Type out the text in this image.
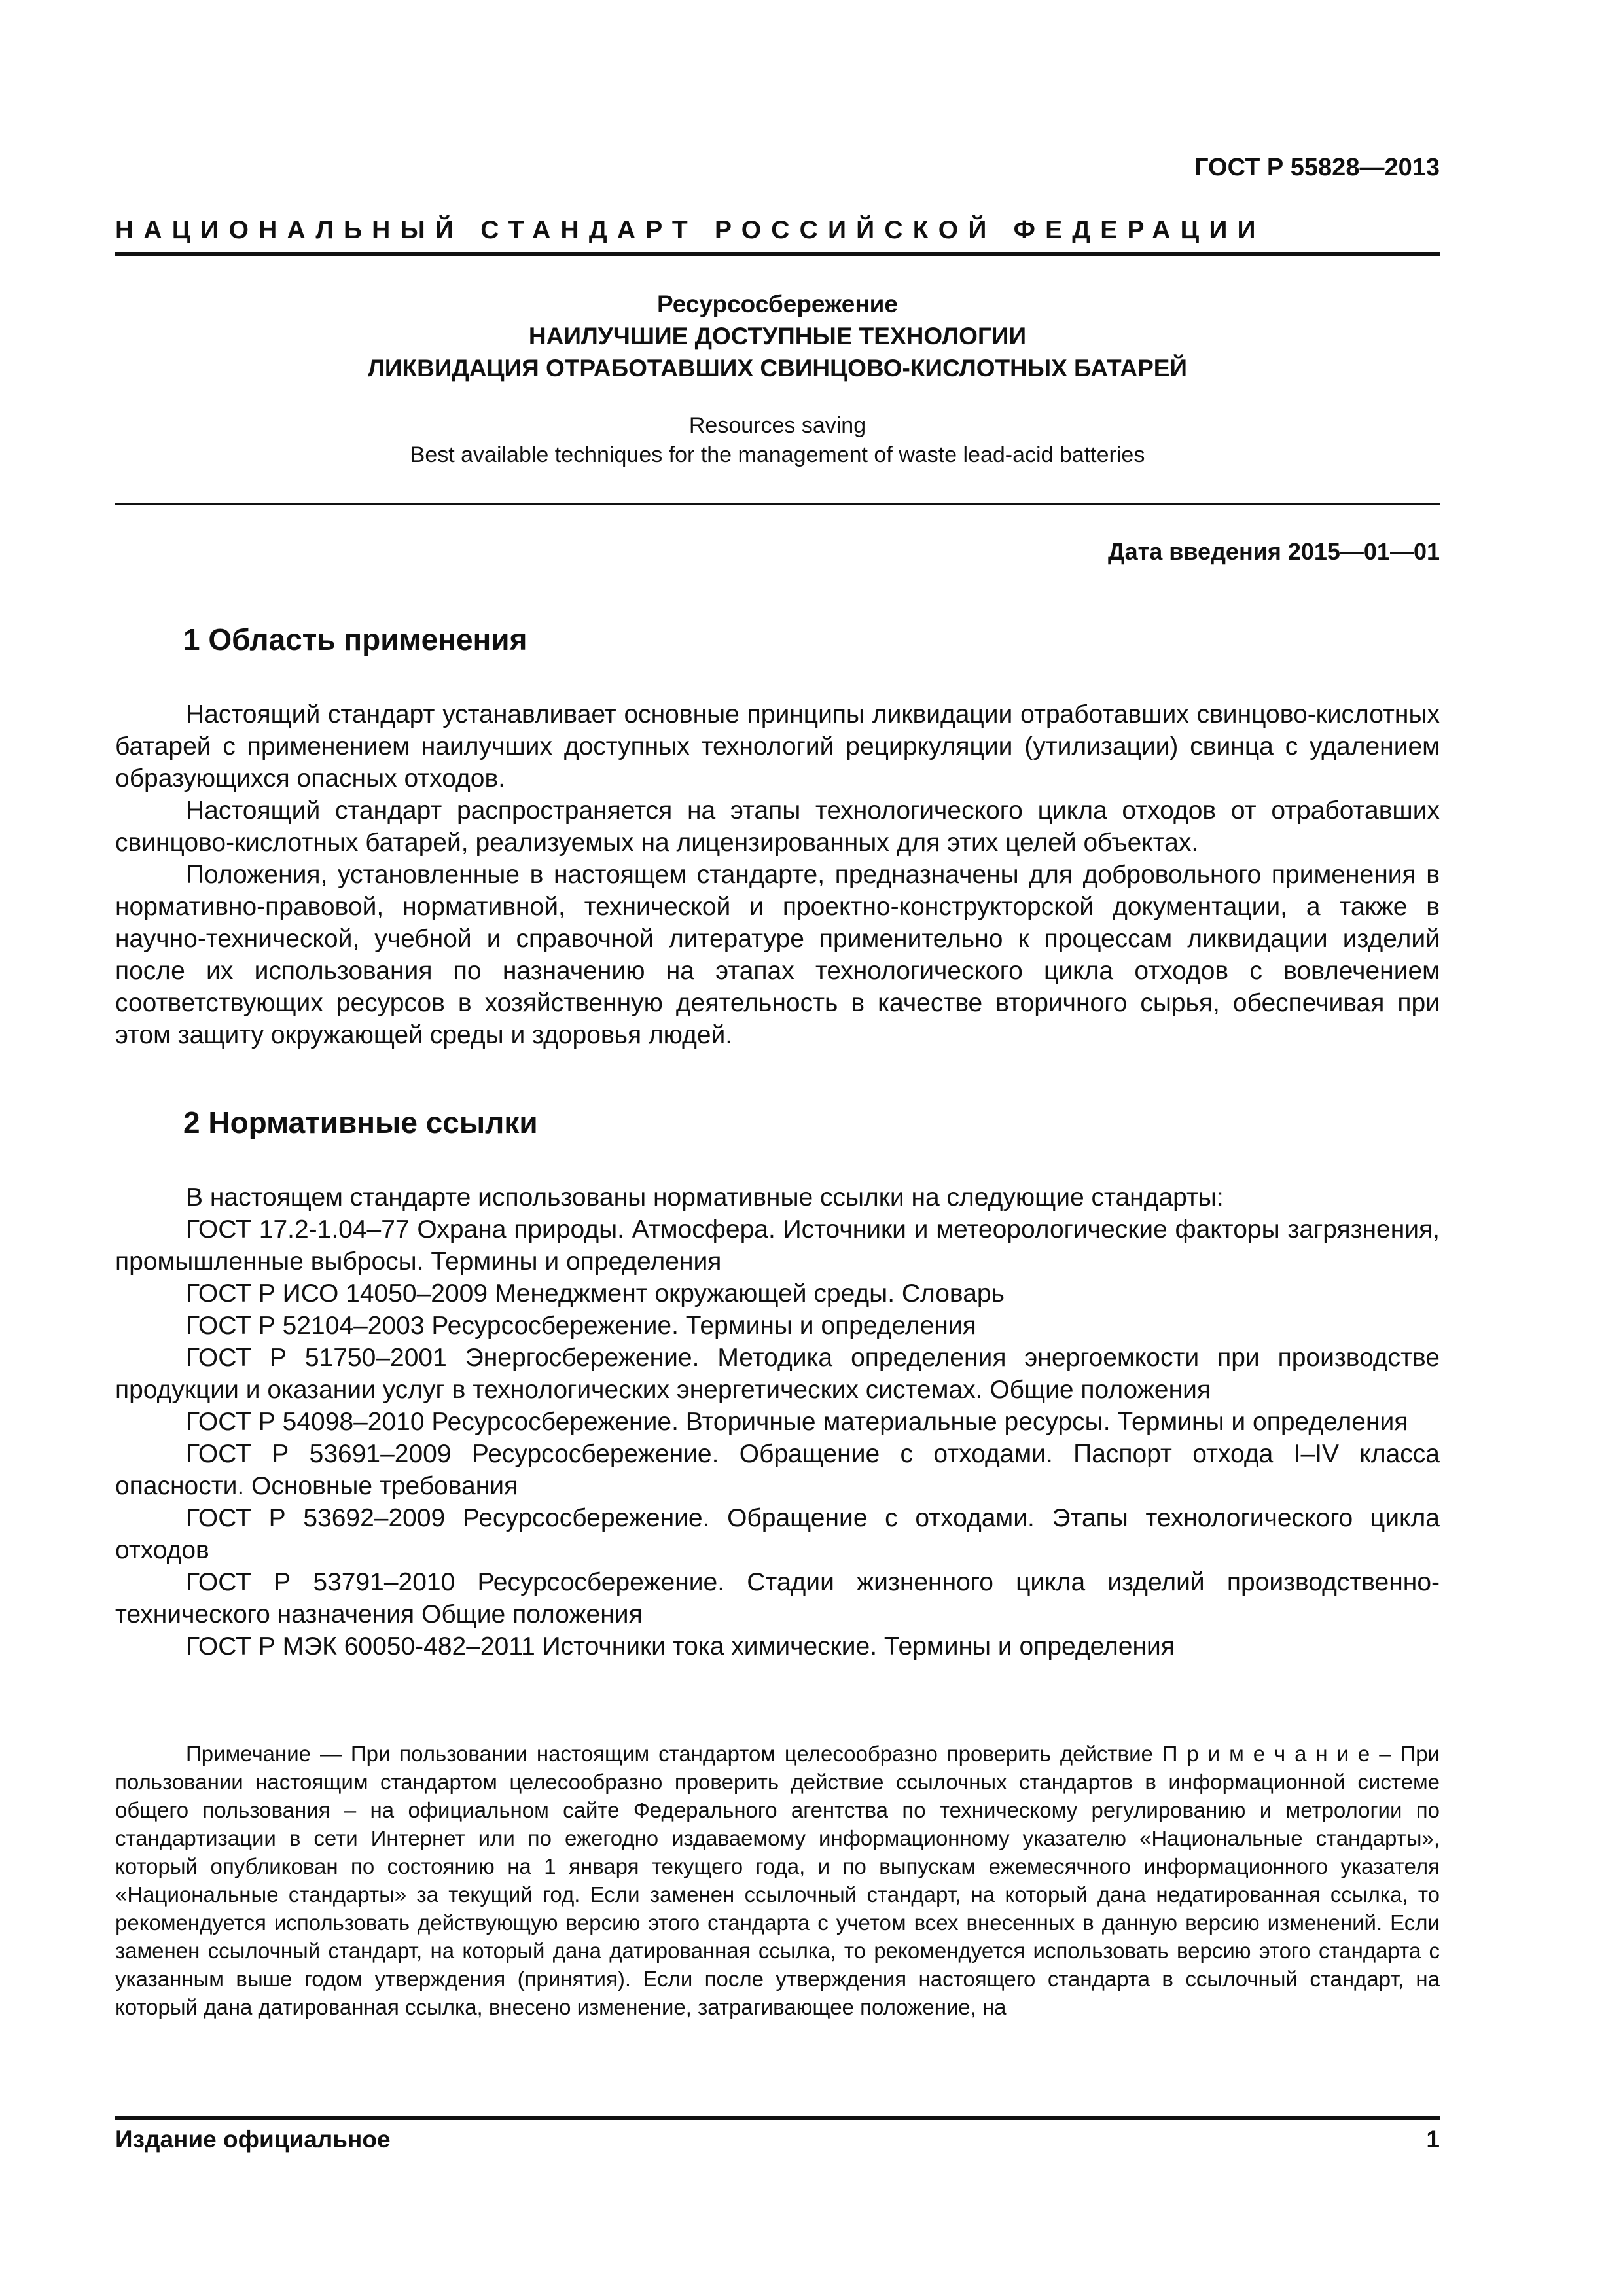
ГОСТ Р 55828—2013
НАЦИОНАЛЬНЫЙ СТАНДАРТ РОССИЙСКОЙ ФЕДЕРАЦИИ
Ресурсосбережение
НАИЛУЧШИЕ ДОСТУПНЫЕ ТЕХНОЛОГИИ
ЛИКВИДАЦИЯ ОТРАБОТАВШИХ СВИНЦОВО-КИСЛОТНЫХ БАТАРЕЙ
Resources saving
Best available techniques for the management of waste lead-acid batteries
Дата введения 2015—01—01
1 Область применения

Настоящий стандарт устанавливает основные принципы ликвидации отработавших свинцово-кислотных батарей с применением наилучших доступных технологий рециркуляции (утилизации) свинца с удалением образующихся опасных отходов.

Настоящий стандарт распространяется на этапы технологического цикла отходов от отработавших свинцово-кислотных батарей, реализуемых на лицензированных для этих целей объектах.

Положения, установленные в настоящем стандарте, предназначены для добровольного применения в нормативно-правовой, нормативной, технической и проектно-конструкторской документации, а также в научно-технической, учебной и справочной литературе применительно к процессам ликвидации изделий после их использования по назначению на этапах технологического цикла отходов с вовлечением соответствующих ресурсов в хозяйственную деятельность в качестве вторичного сырья, обеспечивая при этом защиту окружающей среды и здоровья людей.

2 Нормативные ссылки

В настоящем стандарте использованы нормативные ссылки на следующие стандарты:

ГОСТ 17.2-1.04–77 Охрана природы. Атмосфера. Источники и метеорологические факторы загрязнения, промышленные выбросы. Термины и определения

ГОСТ Р ИСО 14050–2009 Менеджмент окружающей среды. Словарь

ГОСТ Р 52104–2003 Ресурсосбережение. Термины и определения

ГОСТ Р 51750–2001 Энергосбережение. Методика определения энергоемкости при производстве продукции и оказании услуг в технологических энергетических системах. Общие положения

ГОСТ Р 54098–2010 Ресурсосбережение. Вторичные материальные ресурсы. Термины и определения

ГОСТ Р 53691–2009 Ресурсосбережение. Обращение с отходами. Паспорт отхода I–IV класса опасности. Основные требования

ГОСТ Р 53692–2009 Ресурсосбережение. Обращение с отходами. Этапы технологического цикла отходов

ГОСТ Р 53791–2010 Ресурсосбережение. Стадии жизненного цикла изделий производственно-технического назначения Общие положения

ГОСТ Р МЭК 60050-482–2011 Источники тока химические. Термины и определения

Примечание — При пользовании настоящим стандартом целесообразно проверить действие П р и м е ч а н и е – При пользовании настоящим стандартом целесообразно проверить действие ссылочных стандартов в информационной системе общего пользования – на официальном сайте Федерального агентства по техническому регулированию и метрологии по стандартизации в сети Интернет или по ежегодно издаваемому информационному указателю «Национальные стандарты», который опубликован по состоянию на 1 января текущего года, и по выпускам ежемесячного информационного указателя «Национальные стандарты» за текущий год. Если заменен ссылочный стандарт, на который дана недатированная ссылка, то рекомендуется использовать действующую версию этого стандарта с учетом всех внесенных в данную версию изменений. Если заменен ссылочный стандарт, на который дана датированная ссылка, то рекомендуется использовать версию этого стандарта с указанным выше годом утверждения (принятия). Если после утверждения настоящего стандарта в ссылочный стандарт, на который дана датированная ссылка, внесено изменение, затрагивающее положение, на

Издание официальное	1
